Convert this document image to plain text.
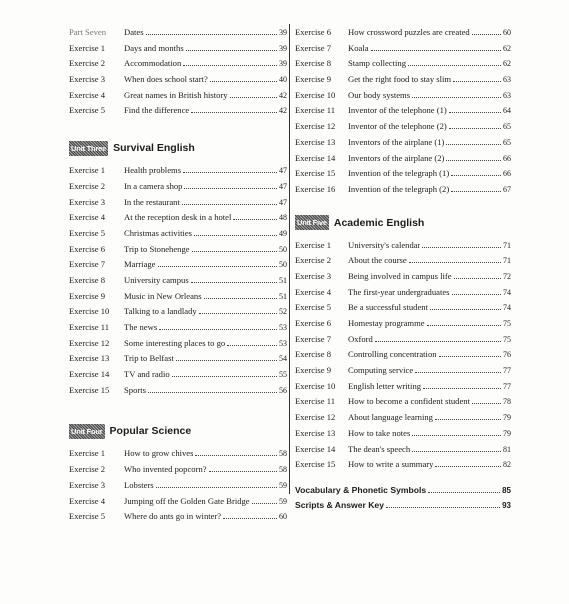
Part Seven	Dates	39
Exercise 1	Days and months	39
Exercise 2	Accommodation	39
Exercise 3	When does school start?	40
Exercise 4	Great names in British history	42
Exercise 5	Find the difference	42
Unit Three Survival English
Exercise 1	Health problems	47
Exercise 2	In a camera shop	47
Exercise 3	In the restaurant	47
Exercise 4	At the reception desk in a hotel	48
Exercise 5	Christmas activities	49
Exercise 6	Trip to Stonehenge	50
Exercise 7	Marriage	50
Exercise 8	University campus	51
Exercise 9	Music in New Orleans	51
Exercise 10	Talking to a landlady	52
Exercise 11	The news	53
Exercise 12	Some interesting places to go	53
Exercise 13	Trip to Belfast	54
Exercise 14	TV and radio	55
Exercise 15	Sports	56
Unit Four Popular Science
Exercise 1	How to grow chives	58
Exercise 2	Who invented popcorn?	58
Exercise 3	Lobsters	59
Exercise 4	Jumping off the Golden Gate Bridge	59
Exercise 5	Where do ants go in winter?	60
Exercise 6	How crossword puzzles are created	60
Exercise 7	Koala	62
Exercise 8	Stamp collecting	62
Exercise 9	Get the right food to stay slim	63
Exercise 10	Our body systems	63
Exercise 11	Inventor of the telephone (1)	64
Exercise 12	Inventor of the telephone (2)	65
Exercise 13	Inventors of the airplane (1)	65
Exercise 14	Inventors of the airplane (2)	66
Exercise 15	Invention of the telegraph (1)	66
Exercise 16	Invention of the telegraph (2)	67
Unit Five Academic English
Exercise 1	University's calendar	71
Exercise 2	About the course	71
Exercise 3	Being involved in campus life	72
Exercise 4	The first-year undergraduates	74
Exercise 5	Be a successful student	74
Exercise 6	Homestay programme	75
Exercise 7	Oxford	75
Exercise 8	Controlling concentration	76
Exercise 9	Computing service	77
Exercise 10	English letter writing	77
Exercise 11	How to become a confident student	78
Exercise 12	About language learning	79
Exercise 13	How to take notes	79
Exercise 14	The dean's speech	81
Exercise 15	How to write a summary	82
Vocabulary & Phonetic Symbols	85
Scripts & Answer Key	93
